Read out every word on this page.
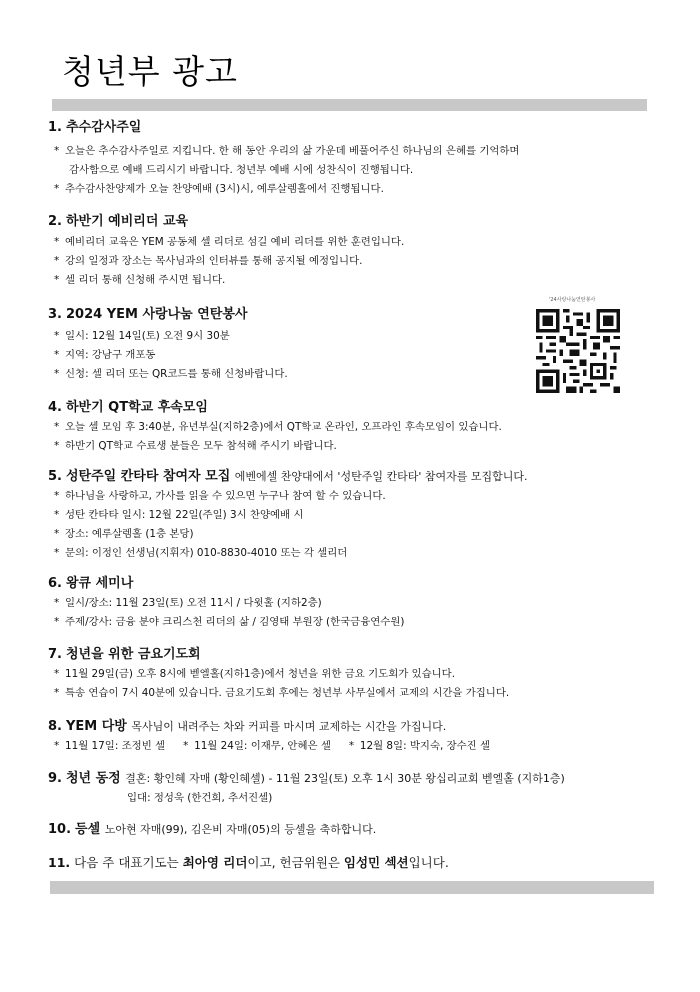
청년부 광고
1. 추수감사주일
* 오늘은 추수감사주일로 지킵니다. 한 해 동안 우리의 삶 가운데 베풀어주신 하나님의 은혜를 기억하며
감사함으로 예배 드리시기 바랍니다. 청년부 예배 시에 성찬식이 진행됩니다.
* 추수감사찬양제가 오늘 찬양예배 (3시)시, 예루살렘홀에서 진행됩니다.
2. 하반기 예비리더 교육
* 예비리더 교육은 YEM 공동체 셀 리더로 섬길 예비 리더를 위한 훈련입니다.
* 강의 일정과 장소는 목사님과의 인터뷰를 통해 공지될 예정입니다.
* 셀 리더 통해 신청해 주시면 됩니다.
3. 2024 YEM 사랑나눔 연탄봉사
* 일시: 12월 14일(토) 오전 9시 30분
* 지역: 강남구 개포동
* 신청: 셀 리더 또는 QR코드를 통해 신청바랍니다.
'24사랑나눔연탄봉사
4. 하반기 QT학교 후속모임
* 오늘 셀 모임 후 3:40분, 유년부실(지하2층)에서 QT학교 온라인, 오프라인 후속모임이 있습니다.
* 하반기 QT학교 수료생 분들은 모두 참석해 주시기 바랍니다.
5. 성탄주일 칸타타 참여자 모집 에벤에셀 찬양대에서 '성탄주일 칸타타' 참여자를 모집합니다.
* 하나님을 사랑하고, 가사를 읽을 수 있으면 누구나 참여 할 수 있습니다.
* 성탄 칸타타 일시: 12월 22일(주일) 3시 찬양예배 시
* 장소: 예루살렘홀 (1층 본당)
* 문의: 이정인 선생님(지휘자) 010-8830-4010 또는 각 셀리더
6. 왕큐 세미나
* 일시/장소: 11월 23일(토) 오전 11시 / 다윗홀 (지하2층)
* 주제/강사: 금융 분야 크리스천 리더의 삶 / 김영태 부원장 (한국금융연수원)
7. 청년을 위한 금요기도회
* 11월 29일(금) 오후 8시에 벧엘홀(지하1층)에서 청년을 위한 금요 기도회가 있습니다.
* 특송 연습이 7시 40분에 있습니다. 금요기도회 후에는 청년부 사무실에서 교제의 시간을 가집니다.
8. YEM 다방 목사님이 내려주는 차와 커피를 마시며 교제하는 시간을 가집니다.
* 11월 17일: 조정빈 셀 * 11월 24일: 이재무, 안혜은 셀 * 12월 8일: 박지숙, 장수진 셀
9. 청년 동정 결혼: 황인혜 자매 (황인혜셀) - 11월 23일(토) 오후 1시 30분 왕십리교회 벧엘홀 (지하1층)
입대: 정성욱 (한건희, 추서진셀)
10. 등셀 노아현 자매(99), 김은비 자매(05)의 등셀을 축하합니다.
11. 다음 주 대표기도는 최아영 리더이고, 헌금위원은 임성민 섹션입니다.
